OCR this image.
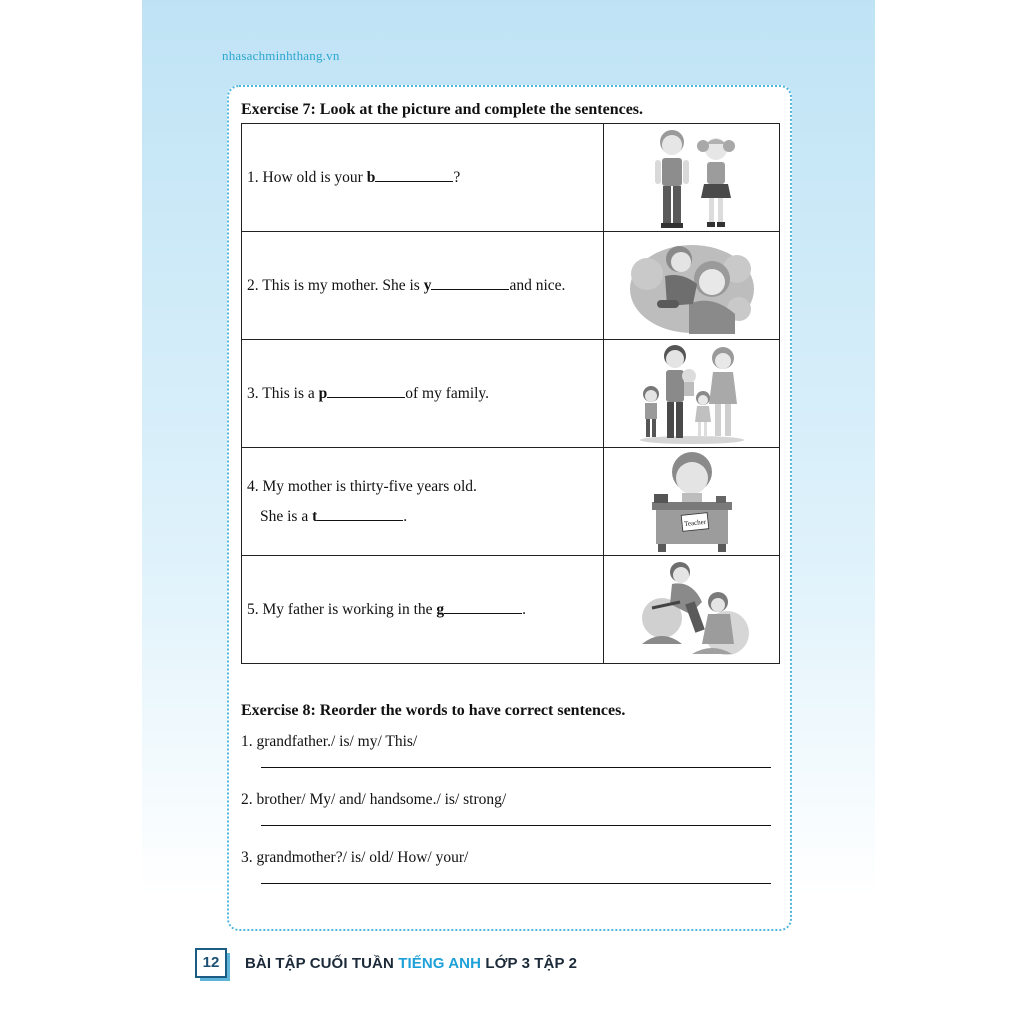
nhasachminhthang.vn
Exercise 7: Look at the picture and complete the sentences.
1. How old is your b ?	

2. This is my mother. She is y and nice.	

3. This is a p of my family.	

4. My mother is thirty-five years old.
She is a t .	Teacher

5. My father is working in the g .	
Exercise 8: Reorder the words to have correct sentences.
1. grandfather./ is/ my/ This/
2. brother/ My/ and/ handsome./ is/ strong/
3. grandmother?/ is/ old/ How/ your/
12	BÀI TẬP CUỐI TUẦN TIẾNG ANH LỚP 3 TẬP 2
